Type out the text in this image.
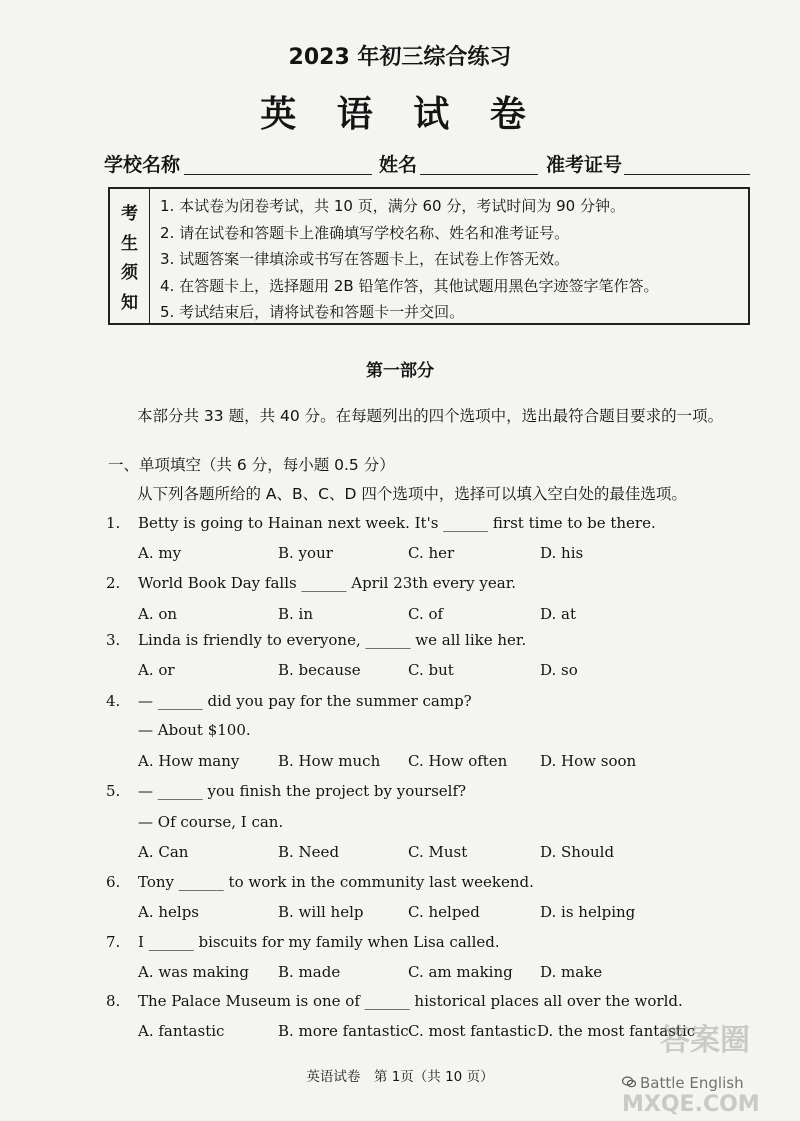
2023 年初三综合练习
英 语 试 卷
学校名称	姓名	准考证号
考
生
须
知
1. 本试卷为闭卷考试，共 10 页，满分 60 分，考试时间为 90 分钟。
2. 请在试卷和答题卡上准确填写学校名称、姓名和准考证号。
3. 试题答案一律填涂或书写在答题卡上，在试卷上作答无效。
4. 在答题卡上，选择题用 2B 铅笔作答，其他试题用黑色字迹签字笔作答。
5. 考试结束后，请将试卷和答题卡一并交回。
第一部分
本部分共 33 题，共 40 分。在每题列出的四个选项中，选出最符合题目要求的一项。
一、单项填空（共 6 分，每小题 0.5 分）
从下列各题所给的 A、B、C、D 四个选项中，选择可以填入空白处的最佳选项。
1. Betty is going to Hainan next week. It's ______ first time to be there.
A. my	B. your	C. her	D. his
2. World Book Day falls ______ April 23th every year.
A. on	B. in	C. of	D. at
3. Linda is friendly to everyone, ______ we all like her.
A. or	B. because	C. but	D. so
4. — ______ did you pay for the summer camp?
— About $100.
A. How many	B. How much C. How often D. How soon
5. — ______ you finish the project by yourself?
— Of course, I can.
A. Can	B. Need	C. Must	D. Should
6. Tony ______ to work in the community last weekend.
A. helps	B. will help	C. helped	D. is helping
7. I ______ biscuits for my family when Lisa called.
A. was making B. made	C. am making D. make
8. The Palace Museum is one of ______ historical places all over the world.
A. fantastic	B. more fantastic C. most fantastic D. the most fantastic
英语试卷　第 1页（共 10 页）
答案圈
Battle English
MXQE.COM
